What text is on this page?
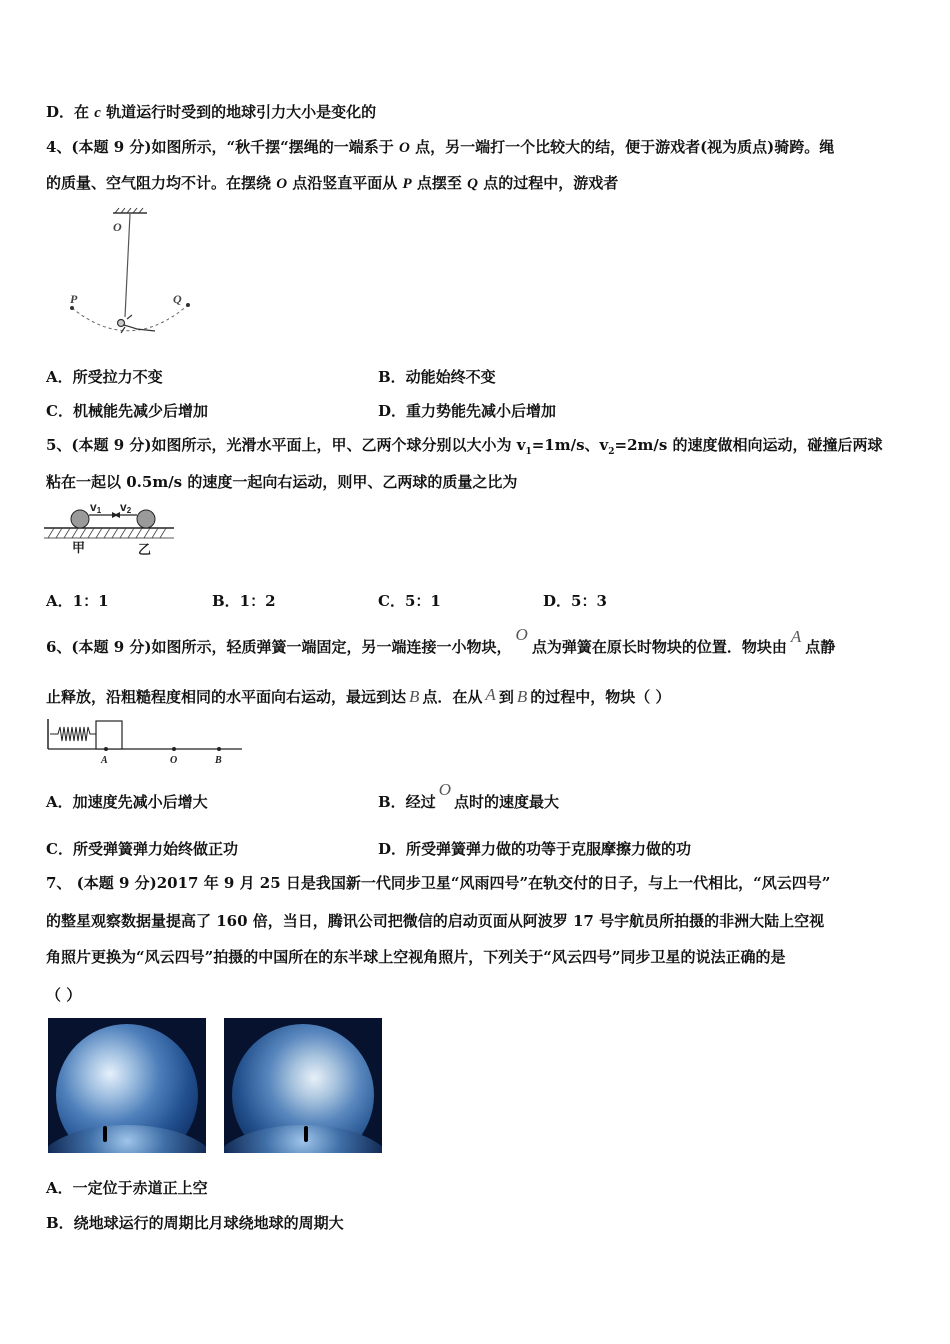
D．在 c 轨道运行时受到的地球引力大小是变化的
4、(本题 9 分)如图所示，“秋千摆“摆绳的一端系于 O 点，另一端打一个比较大的结，便于游戏者(视为质点)骑跨。绳
的质量、空气阻力均不计。在摆绕 O 点沿竖直平面从 P 点摆至 Q 点的过程中，游戏者
O
P	Q
A．所受拉力不变	B．动能始终不变
C．机械能先减少后增加	D．重力势能先减小后增加
5、(本题 9 分)如图所示，光滑水平面上，甲、乙两个球分别以大小为 $v_1=1m/s$、$v_2=2m/s$ 的速度做相向运动，碰撞后两球
粘在一起以 0.5m/s 的速度一起向右运动，则甲、乙两球的质量之比为
v1 v2
甲	乙
A．1：1	B．1：2	C．5：1	D．5：3
6、(本题 9 分)如图所示，轻质弹簧一端固定，另一端连接一小物块，O点为弹簧在原长时物块的位置．物块由A点静
止释放，沿粗糙程度相同的水平面向右运动，最远到达 B 点．在从 A 到 B 的过程中，物块（ ）
A	O	B
A．加速度先减小后增大	B．经过O点时的速度最大
C．所受弹簧弹力始终做正功	D．所受弹簧弹力做的功等于克服摩擦力做的功
7、 (本题 9 分)2017 年 9 月 25 日是我国新一代同步卫星“风雨四号”在轨交付的日子，与上一代相比，“风云四号”
的整星观察数据量提高了 160 倍，当日，腾讯公司把微信的启动页面从阿波罗 17 号宇航员所拍摄的非洲大陆上空视
角照片更换为“风云四号”拍摄的中国所在的东半球上空视角照片，下列关于“风云四号”同步卫星的说法正确的是
（ ）
A．一定位于赤道正上空
B．绕地球运行的周期比月球绕地球的周期大
